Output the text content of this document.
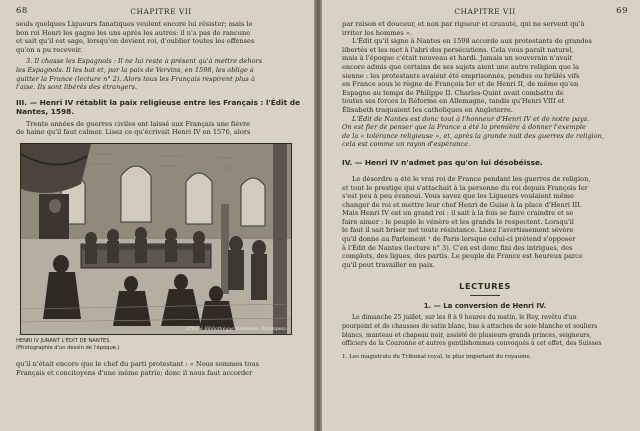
68	CHAPITRE VII
seuls quelques Ligueurs fanatiques veulent encore lui résister; mais le
bon roi Henri les gagne les uns après les autres: il n'a pas de rancune
et sait qu'il est sage, lorsqu'on devient roi, d'oublier toutes les offenses
qu'on a pu recevoir.
3. Il chasse les Espagnols : Il ne lui reste à présent qu'à mettre dehors
les Espagnols. Il les bat et, par la paix de Vervins, en 1598, les oblige à
quitter la France (lecture n° 2). Alors tous les Français respirent plus à
l'aise. Ils sont libérés des étrangers.
III. — Henri IV rétablit la paix religieuse entre les Français : l'Édit de Nantes, 1598.
Trente années de guerres civiles ont laissé aux Français une fièvre
de haine qu'il faut calmer. Lisez ce qu'écrivait Henri IV en 1576, alors
(Cliché Bibliothèque Nationale, Estampes).
HENRI IV JURANT L'ÉDIT DE NANTES.
(Photographie d'un dessin de l'époque.)
qu'il n'était encore que le chef du parti protestant : « Nous sommes tous
Français et concitoyens d'une même patrie; donc il nous faut accorder
CHAPITRE VII	69
par raison et douceur, et non par rigueur et cruauté, qui ne servent qu'à
irriter les hommes ».
L'Édit qu'il signe à Nantes en 1598 accorde aux protestants de grandes
libertés et les met à l'abri des persécutions. Cela vous paraît naturel,
mais à l'époque c'était nouveau et hardi. Jamais un souverain n'avait
encore admis que certains de ses sujets aient une autre religion que la
sienne : les protestants avaient été emprisonnés, pendus ou brûlés vifs
en France sous le règne de François Ier et de Henri II, de même qu'en
Espagne au temps de Philippe II. Charles-Quint avait combattu de
toutes ses forces la Réforme en Allemagne, tandis qu'Henri VIII et
Élisabeth traquaient les catholiques en Angleterre.
L'Édit de Nantes est donc tout à l'honneur d'Henri IV et de notre pays.
On est fier de penser que la France a été la première à donner l'exemple
de la « tolérance religieuse », et, après la grande nuit des guerres de religion,
cela est comme un rayon d'espérance.
IV. — Henri IV n'admet pas qu'on lui désobéisse.
Le désordre a été le vrai roi de France pendant les guerres de religion,
et tout le prestige qui s'attachait à la personne du roi depuis François Ier
s'est peu à peu évanoui. Vous savez que les Ligueurs voulaient même
changer de roi et mettre leur chef Henri de Guise à la place d'Henri III.
Mais Henri IV est un grand roi : il sait à la fois se faire craindre et se
faire aimer : le peuple le vénère et les grands le respectent. Lorsqu'il
le faut il sait briser net toute résistance. Lisez l'avertissement sévère
qu'il donne au Parlement ¹ de Paris lorsque celui-ci prétend s'opposer
à l'Édit de Nantes (lecture n° 3). C'en est donc fini des intrigues, des
complots, des ligues, des partis. Le peuple de France est heureux parce
qu'il peut travailler en paix.
LECTURES
1. — La conversion de Henri IV.
Le dimanche 25 juillet, sur les 8 à 9 heures du matin, le Roy, revêtu d'un
pourpoint et de chausses de satin blanc, bas à attaches de soie blanche et souliers
blancs, manteau et chapeau noir, assisté de plusieurs grands princes, seigneurs,
officiers de la Couronne et autres gentilshommes convoqués à cet effet, des Suisses
1. Les magistrats du Tribunal royal, le plus important du royaume.
